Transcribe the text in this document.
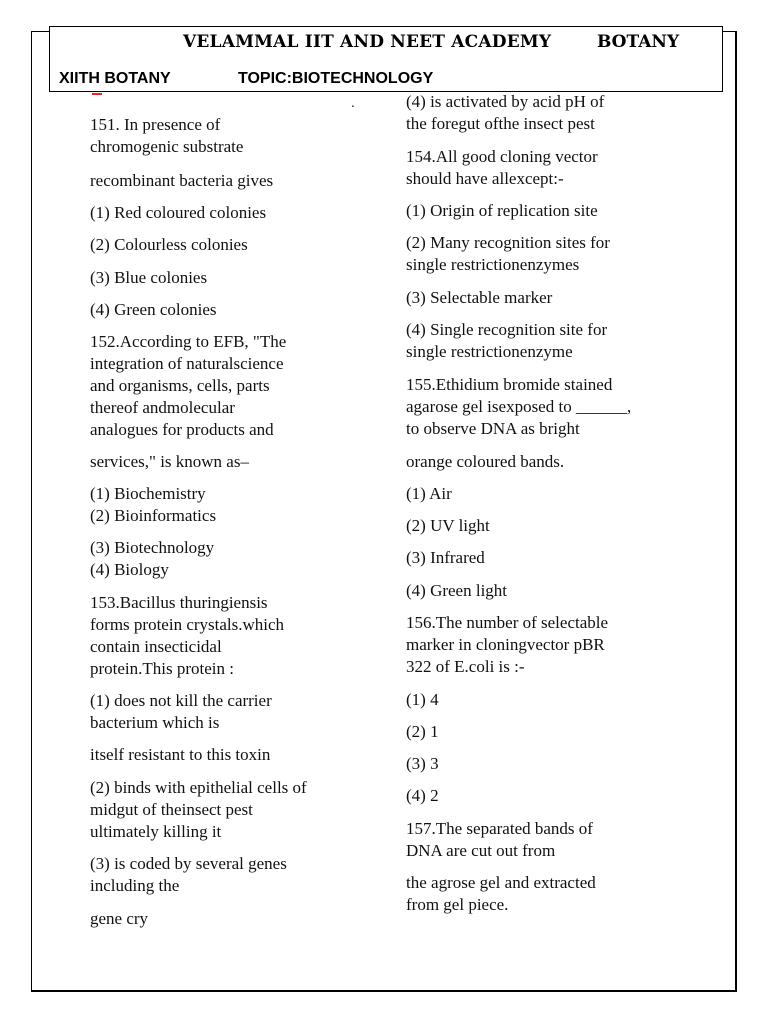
VELAMMAL IIT AND NEET ACADEMY	BOTANY
XIITH BOTANY	TOPIC:BIOTECHNOLOGY
.

151. In presence of
chromogenic substrate

recombinant bacteria gives

(1) Red coloured colonies

(2) Colourless colonies

(3) Blue colonies

(4) Green colonies

152.According to EFB, "The
integration of naturalscience
and organisms, cells, parts
thereof andmolecular
analogues for products and

services," is known as–

(1) Biochemistry
(2) Bioinformatics

(3) Biotechnology
(4) Biology

153.Bacillus thuringiensis
forms protein crystals.which
contain insecticidal
protein.This protein :

(1) does not kill the carrier
bacterium which is

itself resistant to this toxin

(2) binds with epithelial cells of
midgut of theinsect pest
ultimately killing it

(3) is coded by several genes
including the

gene cry

(4) is activated by acid pH of
the foregut ofthe insect pest

154.All good cloning vector
should have allexcept:-

(1) Origin of replication site

(2) Many recognition sites for
single restrictionenzymes

(3) Selectable marker

(4) Single recognition site for
single restrictionenzyme

155.Ethidium bromide stained
agarose gel isexposed to ______,
to observe DNA as bright

orange coloured bands.

(1) Air

(2) UV light

(3) Infrared

(4) Green light

156.The number of selectable
marker in cloningvector pBR
322 of E.coli is :-

(1) 4

(2) 1

(3) 3

(4) 2

157.The separated bands of
DNA are cut out from

the agrose gel and extracted
from gel piece.
